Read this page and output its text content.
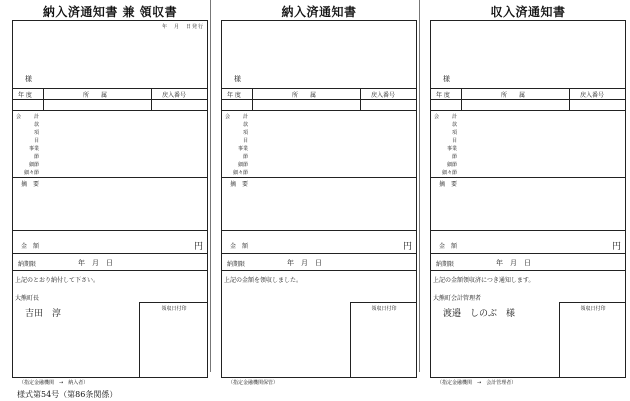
納入済通知書 兼 領収書
年　月　日発行
様
年 度	所　　属	戻入番号
会	計
款
項
目
事業
節
細節
細々節
摘　要
金　額	円
納期限	年　月　日
上記のとおり納付して下さい。
大熊町長
吉田　淳	領収日付印
（指定金融機関　→　納入者）
納入済通知書
様
年 度	所　　属	戻入番号
会	計
款
項
目
事業
節
細節
細々節
摘　要
金　額	円
納期限	年　月　日
上記の金額を領収しました。
領収日付印
（指定金融機関保管）
収入済通知書
様
年 度	所　　属	戻入番号
会	計
款
項
目
事業
節
細節
細々節
摘　要
金　額	円
納期限	年　月　日
上記の金額領収済につき通知します。
大熊町会計管理者
渡邉　しのぶ　様	領収日付印
（指定金融機関　→　会計管理者）
様式第54号（第86条関係）
